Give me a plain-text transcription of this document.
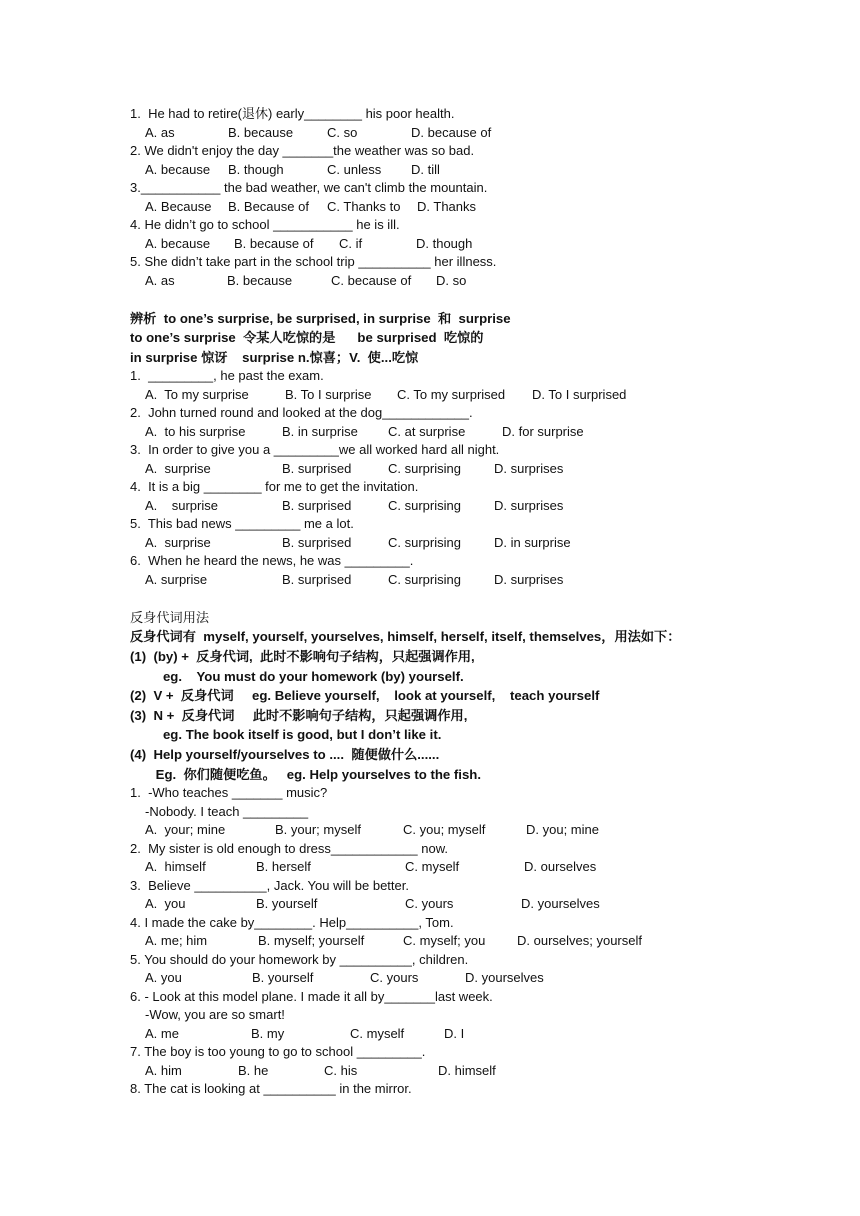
1.  He had to retire(退休) early________ his poor health.

A. as

	B. because

	C. so

	D. because of

2. We didn't enjoy the day _______the weather was so bad.

A. because

B. though

	C. unless

D. till

3.___________ the bad weather, we can't climb the mountain.

A. Because

B. Because of

C. Thanks to

D. Thanks

4. He didn’t go to school ___________ he is ill.

A. because

B. because of

C. if

	D. though

5. She didn’t take part in the school trip __________ her illness.

A. as

	B. because

	C. because of

D. so

辨析  to one’s surprise, be surprised, in surprise  和  surprise
to one’s surprise  令某人吃惊的是      be surprised  吃惊的
in surprise 惊讶    surprise n.惊喜；V.  使...吃惊
1.  _________, he past the exam.

A.  To my surprise

	B. To I surprise

C. To my surprised

D. To I surprised

2.  John turned round and looked at the dog____________.

A.  to his surprise

	B. in surprise

C. at surprise

	D. for surprise

3.  In order to give you a _________we all worked hard all night.

A.  surprise

	B. surprised

	C. surprising

	D. surprises

4.  It is a big ________ for me to get the invitation.

A.    surprise

	B. surprised

	C. surprising

	D. surprises

5.  This bad news _________ me a lot.

A.  surprise

	B. surprised

	C. surprising

	D. in surprise

6.  When he heard the news, he was _________.

A. surprise

	B. surprised

	C. surprising

	D. surprises

反身代词用法
反身代词有  myself, yourself, yourselves, himself, herself, itself, themselves，用法如下：
(1)  (by) +  反身代词,  此时不影响句子结构，只起强调作用,
eg.    You must do your homework (by) yourself.
(2)  V +  反身代词     eg. Believe yourself,    look at yourself,    teach yourself
(3)  N +  反身代词     此时不影响句子结构，只起强调作用,
eg. The book itself is good, but I don’t like it.
(4)  Help yourself/yourselves to ....  随便做什么......
Eg.  你们随便吃鱼。   eg. Help yourselves to the fish.
1.  -Who teaches _______ music?
-Nobody. I teach _________

A.  your; mine

	B. your; myself

	C. you; myself

	D. you; mine

2.  My sister is old enough to dress____________ now.

A.  himself

	B. herself

	C. myself

	D. ourselves

3.  Believe __________, Jack. You will be better.

A.  you

	B. yourself

	C. yours

	D. yourselves

4. I made the cake by________. Help__________, Tom.

A. me; him

	B. myself; yourself

	C. myself; you

D. ourselves; yourself

5. You should do your homework by __________, children.

A. you

	B. yourself

	C. yours

	D. yourselves

6. - Look at this model plane. I made it all by_______last week.
-Wow, you are so smart!

A. me

	B. my

	C. myself

	D. I

7. The boy is too young to go to school _________.

A. him

	B. he

	C. his

	D. himself

8. The cat is looking at __________ in the mirror.
